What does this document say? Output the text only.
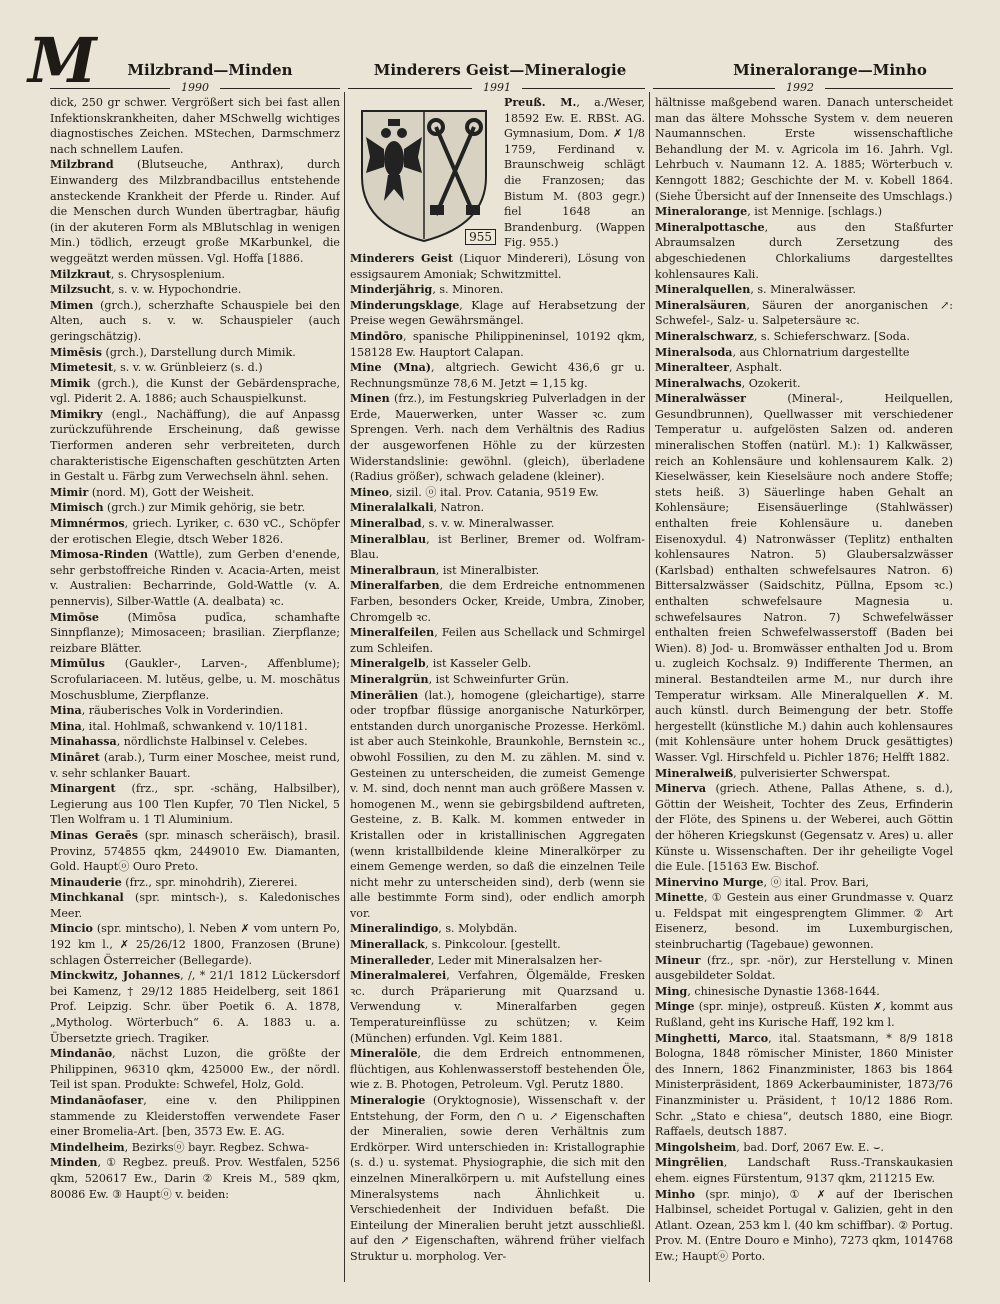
M	Milzbrand—Minden	Minderers Geist—Mineralogie	Mineralorange—Minho
1990	1991	1992

dick, 250 gr schwer. Vergrößert sich bei fast allen Infektionskrankheiten, daher MSchwellg wichtiges diagnostisches Zeichen. MStechen, Darmschmerz nach schnellem Laufen.

Milzbrand (Blutseuche, Anthrax), durch Einwanderg des Milzbrandbacillus entstehende ansteckende Krankheit der Pferde u. Rinder. Auf die Menschen durch Wunden übertragbar, häufig (in der akuteren Form als MBlutschlag in wenigen Min.) tödlich, erzeugt große MKarbunkel, die weggeätzt werden müssen. Vgl. Hoffa [1886.

Milzkraut, s. Chrysosplenium.

Milzsucht, s. v. w. Hypochondrie.

Mimen (grch.), scherzhafte Schauspiele bei den Alten, auch s. v. w. Schauspieler (auch geringschätzig).

Mimēsis (grch.), Darstellung durch Mimik.

Mimetesit, s. v. w. Grünbleierz (s. d.)

Mimik (grch.), die Kunst der Gebärdensprache, vgl. Piderit 2. A. 1886; auch Schauspielkunst.

Mimikry (engl., Nachäffung), die auf Anpassg zurückzuführende Erscheinung, daß gewisse Tierformen anderen sehr verbreiteten, durch charakteristische Eigenschaften geschützten Arten in Gestalt u. Färbg zum Verwechseln ähnl. sehen.

Mimir (nord. M), Gott der Weisheit.

Mimisch (grch.) zur Mimik gehörig, sie betr.

Mimnérmos, griech. Lyriker, c. 630 vC., Schöpfer der erotischen Elegie, dtsch Weber 1826.

Mimosa-Rinden (Wattle), zum Gerben d'enende, sehr gerbstoffreiche Rinden v. Acacia-Arten, meist v. Australien: Becharrinde, Gold-Wattle (v. A. pennervis), Silber-Wattle (A. dealbata) ꝛc.

Mimōse (Mimōsa pudīca, schamhafte Sinnpflanze); Mimosaceen; brasilian. Zierpflanze; reizbare Blätter.

Mimūlus (Gaukler-, Larven-, Affenblume); Scrofulariaceen. M. lutĕus, gelbe, u. M. moschātus Moschusblume, Zierpflanze.

Mina, räuberisches Volk in Vorderindien.

Mina, ital. Hohlmaß, schwankend v. 10/1181.

Minahassa, nördlichste Halbinsel v. Celebes.

Mināret (arab.), Turm einer Moschee, meist rund, v. sehr schlanker Bauart.

Minargent (frz., spr. -schäng, Halbsilber), Legierung aus 100 Tlen Kupfer, 70 Tlen Nickel, 5 Tlen Wolfram u. 1 Tl Aluminium.

Minas Geraēs (spr. minasch scheräisch), brasil. Provinz, 574855 qkm, 2449010 Ew. Diamanten, Gold. Hauptⓞ Ouro Preto.

Minauderie (frz., spr. minohdrih), Ziererei.

Minchkanal (spr. mintsch-), s. Kaledonisches Meer.

Mincio (spr. mintscho), l. Neben ✗ vom untern Po, 192 km l., ✗ 25/26/12 1800, Franzosen (Brune) schlagen Österreicher (Bellegarde).

Minckwitz, Johannes, /, * 21/1 1812 Lückersdorf bei Kamenz, † 29/12 1885 Heidelberg, seit 1861 Prof. Leipzig. Schr. über Poetik 6. A. 1878, „Mytholog. Wörterbuch“ 6. A. 1883 u. a. Übersetzte griech. Tragiker.

Mindanāo, nächst Luzon, die größte der Philippinen, 96310 qkm, 425000 Ew., der nördl. Teil ist span. Produkte: Schwefel, Holz, Gold.

Mindanāofaser, eine v. den Philippinen stammende zu Kleiderstoffen verwendete Faser einer Bromelia-Art. [ben, 3573 Ew. E. AG.

Mindelheim, Bezirksⓞ bayr. Regbez. Schwa-

Minden, ① Regbez. preuß. Prov. Westfalen, 5256 qkm, 520617 Ew., Darin ② Kreis M., 589 qkm, 80086 Ew. ③ Hauptⓞ v. beiden:

955

Preuß. M., a./Weser, 18592 Ew. E. RBSt. AG. Gymnasium, Dom. ✗ 1/8 1759, Ferdinand v. Braunschweig schlägt die Franzosen; das Bistum M. (803 gegr.) fiel 1648 an Brandenburg. (Wappen Fig. 955.)

Minderers Geist (Liquor Mindereri), Lösung von essigsaurem Amoniak; Schwitzmittel.

Minderjährig, s. Minoren.

Minderungsklage, Klage auf Herabsetzung der Preise wegen Gewährsmängel.

Mindōro, spanische Philippineninsel, 10192 qkm, 158128 Ew. Hauptort Calapan.

Mine (Mna), altgriech. Gewicht 436,6 gr u. Rechnungsmünze 78,6 M. Jetzt = 1,15 kg.

Minen (frz.), im Festungskrieg Pulverladgen in der Erde, Mauerwerken, unter Wasser ꝛc. zum Sprengen. Verh. nach dem Verhältnis des Radius der ausgeworfenen Höhle zu der kürzesten Widerstandslinie: gewöhnl. (gleich), überladene (Radius größer), schwach geladene (kleiner).

Mineo, sizil. ⓞ ital. Prov. Catania, 9519 Ew.

Mineralalkali, Natron.

Mineralbad, s. v. w. Mineralwasser.

Mineralblau, ist Berliner, Bremer od. Wolfram-Blau.

Mineralbraun, ist Mineralbister.

Mineralfarben, die dem Erdreiche entnommenen Farben, besonders Ocker, Kreide, Umbra, Zinober, Chromgelb ꝛc.

Mineralfeilen, Feilen aus Schellack und Schmirgel zum Schleifen.

Mineralgelb, ist Kasseler Gelb.

Mineralgrün, ist Schweinfurter Grün.

Minerālien (lat.), homogene (gleichartige), starre oder tropfbar flüssige anorganische Naturkörper, entstanden durch unorganische Prozesse. Herköml. ist aber auch Steinkohle, Braunkohle, Bernstein ꝛc., obwohl Fossilien, zu den M. zu zählen. M. sind v. Gesteinen zu unterscheiden, die zumeist Gemenge v. M. sind, doch nennt man auch größere Massen v. homogenen M., wenn sie gebirgsbildend auftreten, Gesteine, z. B. Kalk. M. kommen entweder in Kristallen oder in kristallinischen Aggregaten (wenn kristallbildende kleine Mineralkörper zu einem Gemenge werden, so daß die einzelnen Teile nicht mehr zu unterscheiden sind), derb (wenn sie alle bestimmte Form sind), oder endlich amorph vor.

Mineralindigo, s. Molybdän.

Minerallack, s. Pinkcolour. [gestellt.

Mineralleder, Leder mit Mineralsalzen her-

Mineralmalerei, Verfahren, Ölgemälde, Fresken ꝛc. durch Präparierung mit Quarzsand u. Verwendung v. Mineralfarben gegen Temperatureinflüsse zu schützen; v. Keim (München) erfunden. Vgl. Keim 1881.

Mineralöle, die dem Erdreich entnommenen, flüchtigen, aus Kohlenwasserstoff bestehenden Öle, wie z. B. Photogen, Petroleum. Vgl. Perutz 1880.

Mineralogie (Oryktognosie), Wissenschaft v. der Entstehung, der Form, den ∩ u. ↗ Eigenschaften der Mineralien, sowie deren Verhältnis zum Erdkörper. Wird unterschieden in: Kristallographie (s. d.) u. systemat. Physiographie, die sich mit den einzelnen Mineralkörpern u. mit Aufstellung eines Mineralsystems nach Ähnlichkeit u. Verschiedenheit der Individuen befaßt. Die Einteilung der Mineralien beruht jetzt ausschließl. auf den ↗ Eigenschaften, während früher vielfach Struktur u. morpholog. Ver-

hältnisse maßgebend waren. Danach unterscheidet man das ältere Mohssche System v. dem neueren Naumannschen. Erste wissenschaftliche Behandlung der M. v. Agricola im 16. Jahrh. Vgl. Lehrbuch v. Naumann 12. A. 1885; Wörterbuch v. Kenngott 1882; Geschichte der M. v. Kobell 1864. (Siehe Übersicht auf der Innenseite des Umschlags.)

Mineralorange, ist Mennige. [schlags.)

Mineralpottasche, aus den Staßfurter Abraumsalzen durch Zersetzung des abgeschiedenen Chlorkaliums dargestelltes kohlensaures Kali.

Mineralquellen, s. Mineralwässer.

Mineralsäuren, Säuren der anorganischen ↗: Schwefel-, Salz- u. Salpetersäure ꝛc.

Mineralschwarz, s. Schieferschwarz. [Soda.

Mineralsoda, aus Chlornatrium dargestellte

Mineralteer, Asphalt.

Mineralwachs, Ozokerit.

Mineralwässer (Mineral-, Heilquellen, Gesundbrunnen), Quellwasser mit verschiedener Temperatur u. aufgelösten Salzen od. anderen mineralischen Stoffen (natürl. M.): 1) Kalkwässer, reich an Kohlensäure und kohlensaurem Kalk. 2) Kieselwässer, kein Kieselsäure noch andere Stoffe; stets heiß. 3) Säuerlinge haben Gehalt an Kohlensäure; Eisensäuerlinge (Stahlwässer) enthalten freie Kohlensäure u. daneben Eisenoxydul. 4) Natronwässer (Teplitz) enthalten kohlensaures Natron. 5) Glaubersalzwässer (Karlsbad) enthalten schwefelsaures Natron. 6) Bittersalzwässer (Saidschitz, Püllna, Epsom ꝛc.) enthalten schwefelsaure Magnesia u. schwefelsaures Natron. 7) Schwefelwässer enthalten freien Schwefelwasserstoff (Baden bei Wien). 8) Jod- u. Bromwässer enthalten Jod u. Brom u. zugleich Kochsalz. 9) Indifferente Thermen, an mineral. Bestandteilen arme M., nur durch ihre Temperatur wirksam. Alle Mineralquellen ✗. M. auch künstl. durch Beimengung der betr. Stoffe hergestellt (künstliche M.) dahin auch kohlensaures (mit Kohlensäure unter hohem Druck gesättigtes) Wasser. Vgl. Hirschfeld u. Pichler 1876; Helfft 1882.

Mineralweiß, pulverisierter Schwerspat.

Minerva (griech. Athene, Pallas Athene, s. d.), Göttin der Weisheit, Tochter des Zeus, Erfinderin der Flöte, des Spinens u. der Weberei, auch Göttin der höheren Kriegskunst (Gegensatz v. Ares) u. aller Künste u. Wissenschaften. Der ihr geheiligte Vogel die Eule. [15163 Ew. Bischof.

Minervino Murge, ⓞ ital. Prov. Bari,

Minette, ① Gestein aus einer Grundmasse v. Quarz u. Feldspat mit eingesprengtem Glimmer. ② Art Eisenerz, besond. im Luxemburgischen, steinbruchartig (Tagebaue) gewonnen.

Mineur (frz., spr. -nör), zur Herstellung v. Minen ausgebildeter Soldat.

Ming, chinesische Dynastie 1368-1644.

Minge (spr. minje), ostpreuß. Küsten ✗, kommt aus Rußland, geht ins Kurische Haff, 192 km l.

Minghetti, Marco, ital. Staatsmann, * 8/9 1818 Bologna, 1848 römischer Minister, 1860 Minister des Innern, 1862 Finanzminister, 1863 bis 1864 Ministerpräsident, 1869 Ackerbauminister, 1873/76 Finanzminister u. Präsident, † 10/12 1886 Rom. Schr. „Stato e chiesa“, deutsch 1880, eine Biogr. Raffaels, deutsch 1887.

Mingolsheim, bad. Dorf, 2067 Ew. E. ⌣.

Mingrēlien, Landschaft Russ.-Transkaukasien ehem. eignes Fürstentum, 9137 qkm, 211215 Ew.

Minho (spr. minjo), ① ✗ auf der Iberischen Halbinsel, scheidet Portugal v. Galizien, geht in den Atlant. Ozean, 253 km l. (40 km schiffbar). ② Portug. Prov. M. (Entre Douro e Minho), 7273 qkm, 1014768 Ew.; Hauptⓞ Porto.
